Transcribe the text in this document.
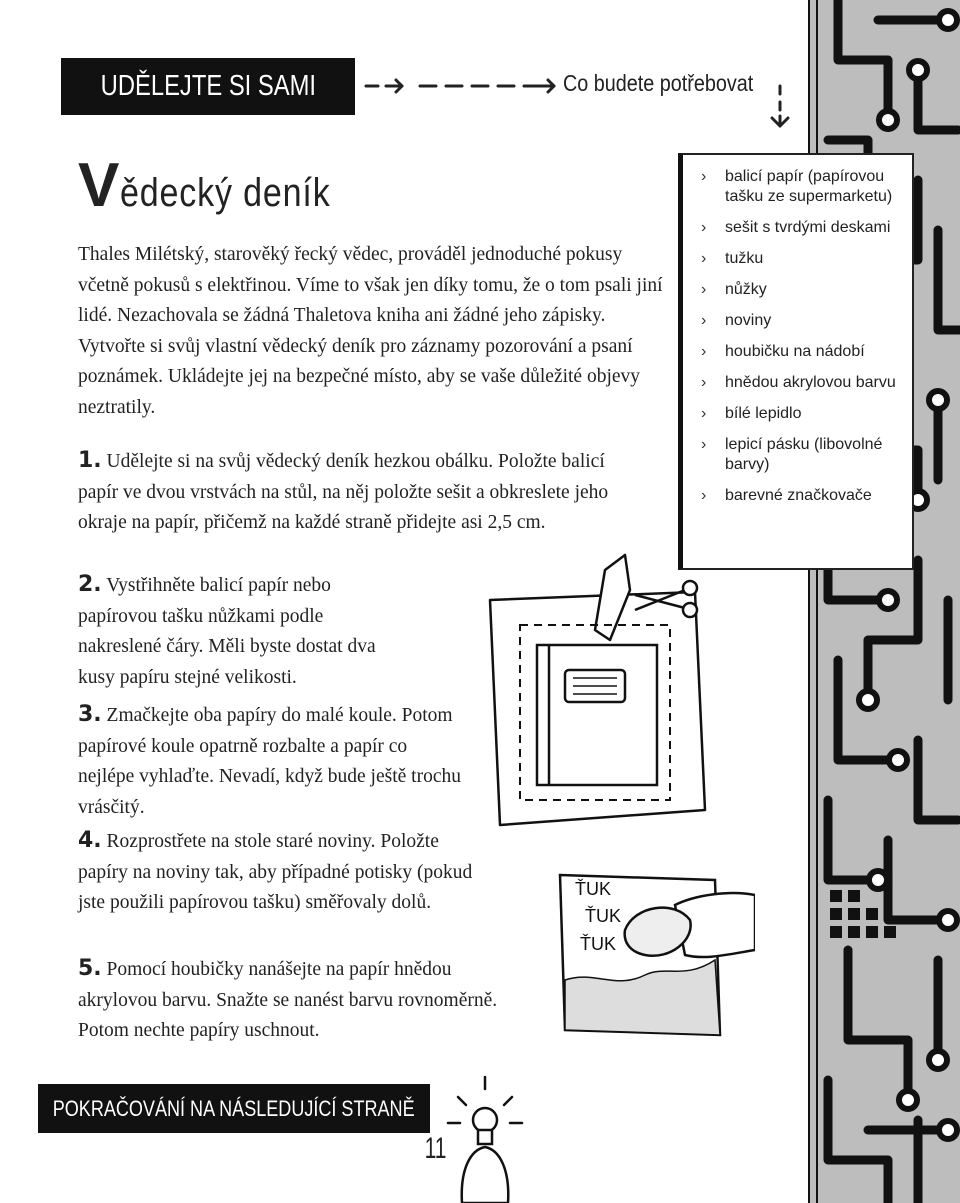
UDĚLEJTE SI SAMI	Co budete potřebovat
Vědecký deník
Thales Milétský, starověký řecký vědec, prováděl jednoduché pokusy včetně pokusů s elektřinou. Víme to však jen díky tomu, že o tom psali jiní lidé. Nezachovala se žádná Thaletova kniha ani žádné jeho zápisky. Vytvořte si svůj vlastní vědecký deník pro záznamy pozorování a psaní poznámek. Ukládejte jej na bezpečné místo, aby se vaše důležité objevy neztratily.
1. Udělejte si na svůj vědecký deník hezkou obálku. Položte balicí papír ve dvou vrstvách na stůl, na něj položte sešit a obkreslete jeho okraje na papír, přičemž na každé straně přidejte asi 2,5 cm.
2. Vystřihněte balicí papír nebo papírovou tašku nůžkami podle nakreslené čáry. Měli byste dostat dva kusy papíru stejné velikosti.
3. Zmačkejte oba papíry do malé koule. Potom papírové koule opatrně rozbalte a papír co nejlépe vyhlaďte. Nevadí, když bude ještě trochu vrásčitý.
4. Rozprostřete na stole staré noviny. Položte papíry na noviny tak, aby případné potisky (pokud jste použili papírovou tašku) směřovaly dolů.
5. Pomocí houbičky nanášejte na papír hnědou akrylovou barvu. Snažte se nanést barvu rovnoměrně. Potom nechte papíry uschnout.
› balicí papír (papírovou tašku ze supermarketu)
› sešit s tvrdými deskami
› tužku
› nůžky
› noviny
› houbičku na nádobí
› hnědou akrylovou barvu
› bílé lepidlo
› lepicí pásku (libovolné barvy)
› barevné značkovače
ŤUK
ŤUK
ŤUK
POKRAČOVÁNÍ NA NÁSLEDUJÍCÍ STRANĚ
11
